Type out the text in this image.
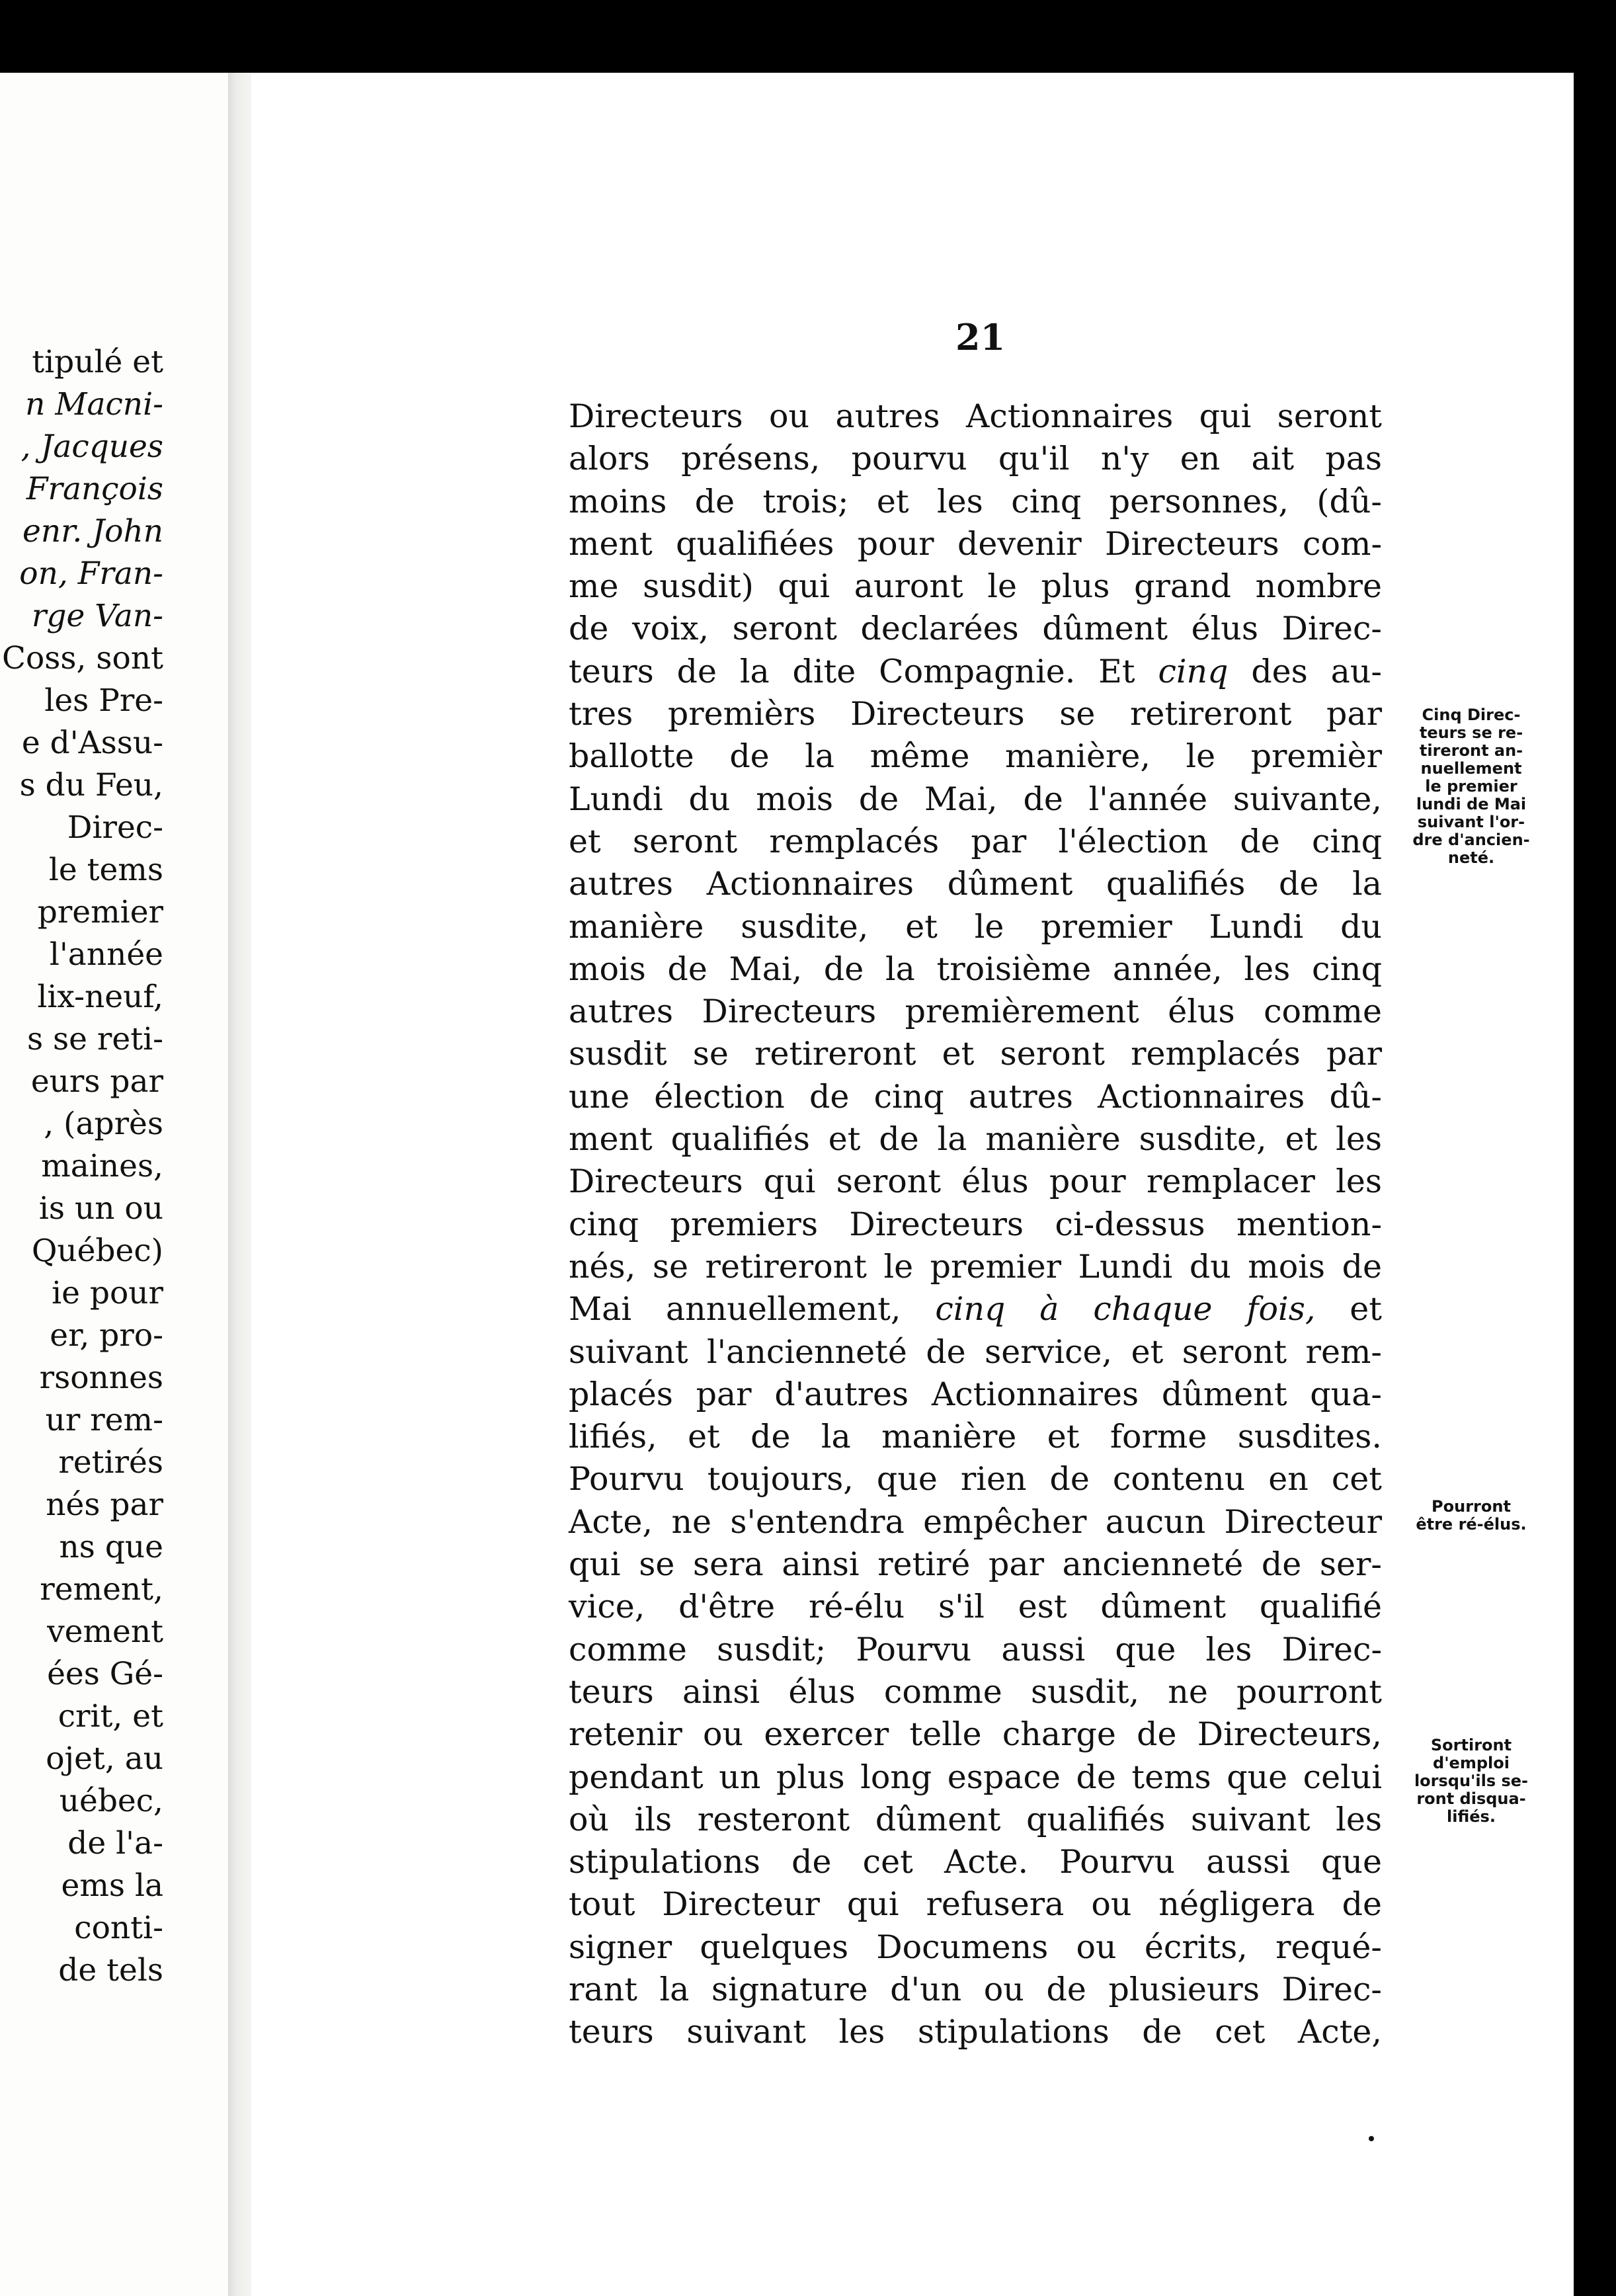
tipulé et
n Macni-
, Jacques
François
enr. John
on, Fran-
rge Van-
Coss, sont
les Pre-
e d'Assu-
s du Feu,
Direc-
le tems
premier
l'année
lix-neuf,
s se reti-
eurs par
, (après
maines,
is un ou
Québec)
ie pour
er, pro-
rsonnes
ur rem-
retirés
nés par
ns que
rement,
vement
ées Gé-
crit, et
ojet, au
uébec,
de l'a-
ems la
conti-
de tels
21
Directeurs ou autres Actionnaires qui seront
alors présens, pourvu qu'il n'y en ait pas
moins de trois; et les cinq personnes, (dû-
ment qualifiées pour devenir Directeurs com-
me susdit) qui auront le plus grand nombre
de voix, seront declarées dûment élus Direc-
teurs de la dite Compagnie. Et cinq des au-
tres premièrs Directeurs se retireront par
ballotte de la même manière, le premièr
Lundi du mois de Mai, de l'année suivante,
et seront remplacés par l'élection de cinq
autres Actionnaires dûment qualifiés de la
manière susdite, et le premier Lundi du
mois de Mai, de la troisième année, les cinq
autres Directeurs premièrement élus comme
susdit se retireront et seront remplacés par
une élection de cinq autres Actionnaires dû-
ment qualifiés et de la manière susdite, et les
Directeurs qui seront élus pour remplacer les
cinq premiers Directeurs ci-dessus mention-
nés, se retireront le premier Lundi du mois de
Mai annuellement, cinq à chaque fois, et
suivant l'ancienneté de service, et seront rem-
placés par d'autres Actionnaires dûment qua-
lifiés, et de la manière et forme susdites.
Pourvu toujours, que rien de contenu en cet
Acte, ne s'entendra empêcher aucun Directeur
qui se sera ainsi retiré par ancienneté de ser-
vice, d'être ré-élu s'il est dûment qualifié
comme susdit; Pourvu aussi que les Direc-
teurs ainsi élus comme susdit, ne pourront
retenir ou exercer telle charge de Directeurs,
pendant un plus long espace de tems que celui
où ils resteront dûment qualifiés suivant les
stipulations de cet Acte. Pourvu aussi que
tout Directeur qui refusera ou négligera de
signer quelques Documens ou écrits, requé-
rant la signature d'un ou de plusieurs Direc-
teurs suivant les stipulations de cet Acte,
Cinq Direc-
teurs se re-
tireront an-
nuellement
le premier
lundi de Mai
suivant l'or-
dre d'ancien-
neté.
Pourront
être ré-élus.
Sortiront
d'emploi
lorsqu'ils se-
ront disqua-
lifiés.
